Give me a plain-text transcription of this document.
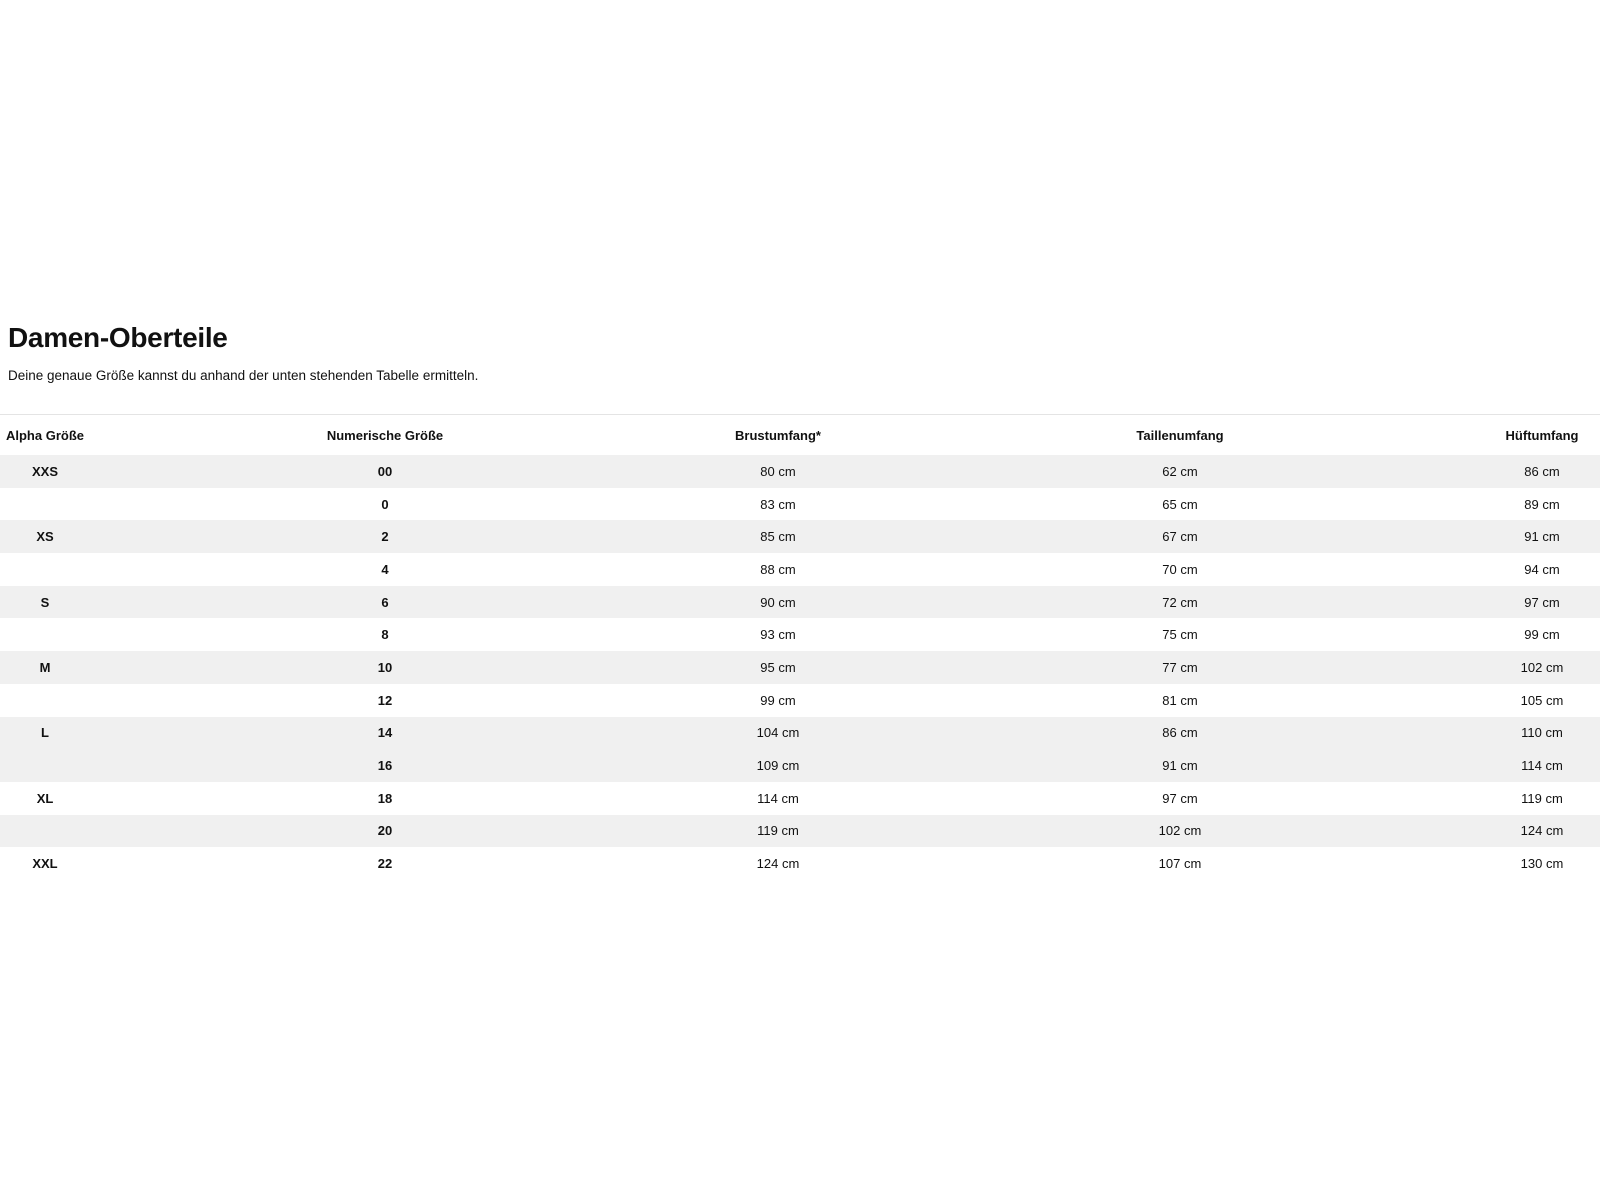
Damen-Oberteile

Deine genaue Größe kannst du anhand der unten stehenden Tabelle ermitteln.

Alpha Größe	Numerische Größe	Brustumfang*	Taillenumfang	Hüftumfang
XXS	00	80 cm	62 cm	86 cm
	0	83 cm	65 cm	89 cm
XS	2	85 cm	67 cm	91 cm
	4	88 cm	70 cm	94 cm
S	6	90 cm	72 cm	97 cm
	8	93 cm	75 cm	99 cm
M	10	95 cm	77 cm	102 cm
	12	99 cm	81 cm	105 cm
L	14	104 cm	86 cm	110 cm
	16	109 cm	91 cm	114 cm
XL	18	114 cm	97 cm	119 cm
	20	119 cm	102 cm	124 cm
XXL	22	124 cm	107 cm	130 cm
